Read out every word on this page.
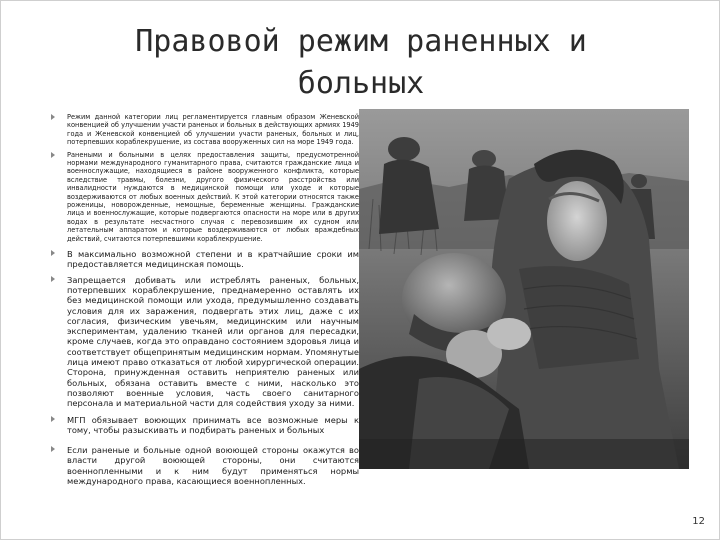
Правовой режим раненных и
больных
Режим данной категории лиц регламентируется главным образом Женевской конвенцией об улучшении участи раненых и больных в действующих армиях 1949 года и Женевской конвенцией об улучшении участи раненых, больных и лиц, потерпевших кораблекрушение, из состава вооруженных сил на море 1949 года.
Ранеными и больными в целях предоставления защиты, предусмотренной нормами международного гуманитарного права, считаются гражданские лица и военнослужащие, находящиеся в районе вооруженного конфликта, которые вследствие травмы, болезни, другого физического расстройства или инвалидности нуждаются в медицинской помощи или уходе и которые воздерживаются от любых военных действий. К этой категории относятся также роженицы, новорожденные, немощные, беременные женщины. Гражданские лица и военнослужащие, которые подвергаются опасности на море или в других водах в результате несчастного случая с перевозившим их судном или летательным аппаратом и которые воздерживаются от любых враждебных действий, считаются потерпевшими кораблекрушение.
В максимально возможной степени и в кратчайшие сроки им предоставляется медицинская помощь.
Запрещается добивать или истреблять раненых, больных, потерпевших кораблекрушение, преднамеренно оставлять их без медицинской помощи или ухода, предумышленно создавать условия для их заражения, подвергать этих лиц, даже с их согласия, физическим увечьям, медицинским или научным экспериментам, удалению тканей или органов для пересадки, кроме случаев, когда это оправдано состоянием здоровья лица и соответствует общепринятым медицинским нормам. Упомянутые лица имеют право отказаться от любой хирургической операции. Сторона, принужденная оставить неприятелю раненых или больных, обязана оставить вместе с ними, насколько это позволяют военные условия, часть своего санитарного персонала и материальной части для содействия уходу за ними.
МГП обязывает воюющих принимать все возможные меры к тому, чтобы разыскивать и подбирать раненых и больных
Если раненые и больные одной воюющей стороны окажутся во власти другой воюющей стороны, они считаются военнопленными и к ним будут применяться нормы международного права, касающиеся военнопленных.
12
